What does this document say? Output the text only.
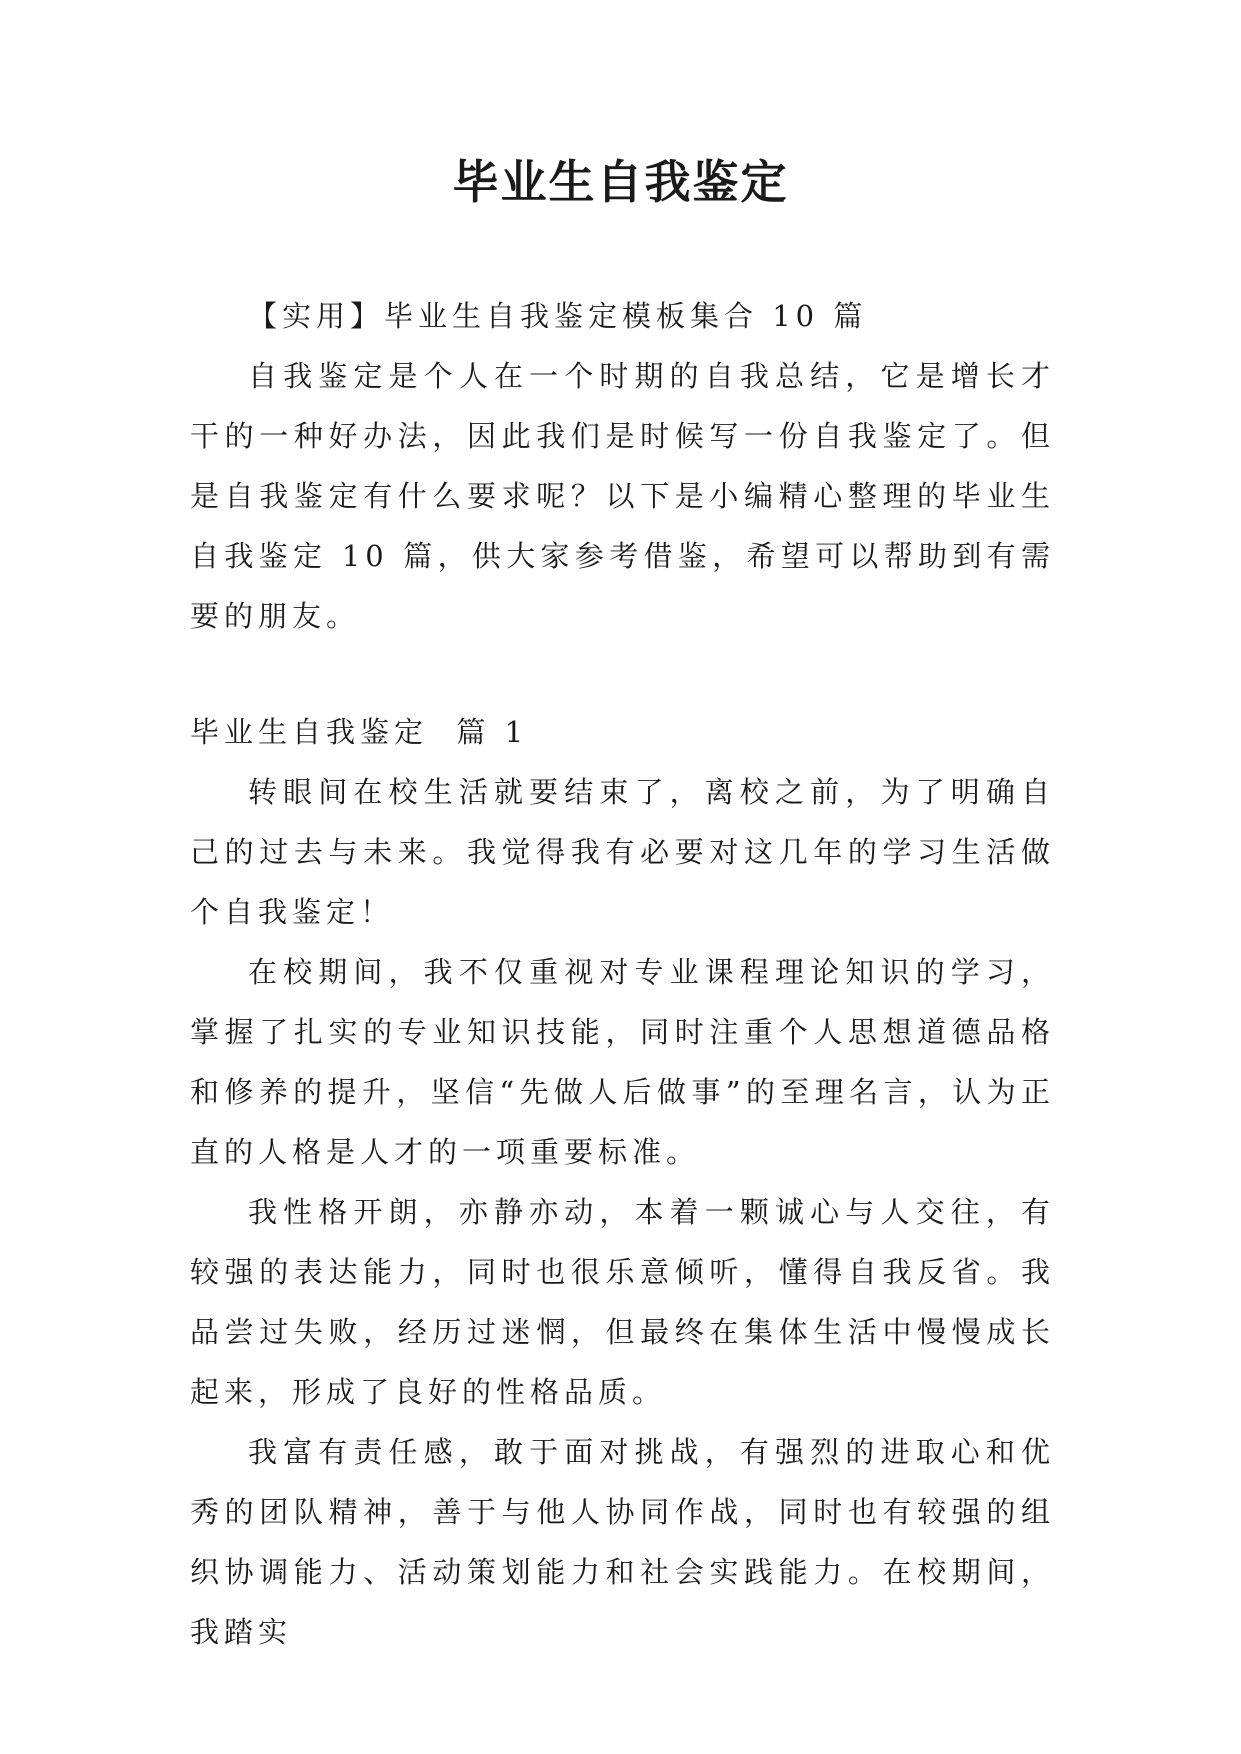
毕业生自我鉴定

【实用】毕业生自我鉴定模板集合 10 篇

自我鉴定是个人在一个时期的自我总结，它是增长才干的一种好办法，因此我们是时候写一份自我鉴定了。但是自我鉴定有什么要求呢？以下是小编精心整理的毕业生自我鉴定 10 篇，供大家参考借鉴，希望可以帮助到有需要的朋友。

毕业生自我鉴定  篇 1

转眼间在校生活就要结束了，离校之前，为了明确自己的过去与未来。我觉得我有必要对这几年的学习生活做个自我鉴定！

在校期间，我不仅重视对专业课程理论知识的学习，掌握了扎实的专业知识技能，同时注重个人思想道德品格和修养的提升，坚信“先做人后做事”的至理名言，认为正直的人格是人才的一项重要标准。

我性格开朗，亦静亦动，本着一颗诚心与人交往，有较强的表达能力，同时也很乐意倾听，懂得自我反省。我品尝过失败，经历过迷惘，但最终在集体生活中慢慢成长起来，形成了良好的性格品质。

我富有责任感，敢于面对挑战，有强烈的进取心和优秀的团队精神，善于与他人协同作战，同时也有较强的组织协调能力、活动策划能力和社会实践能力。在校期间，我踏实
